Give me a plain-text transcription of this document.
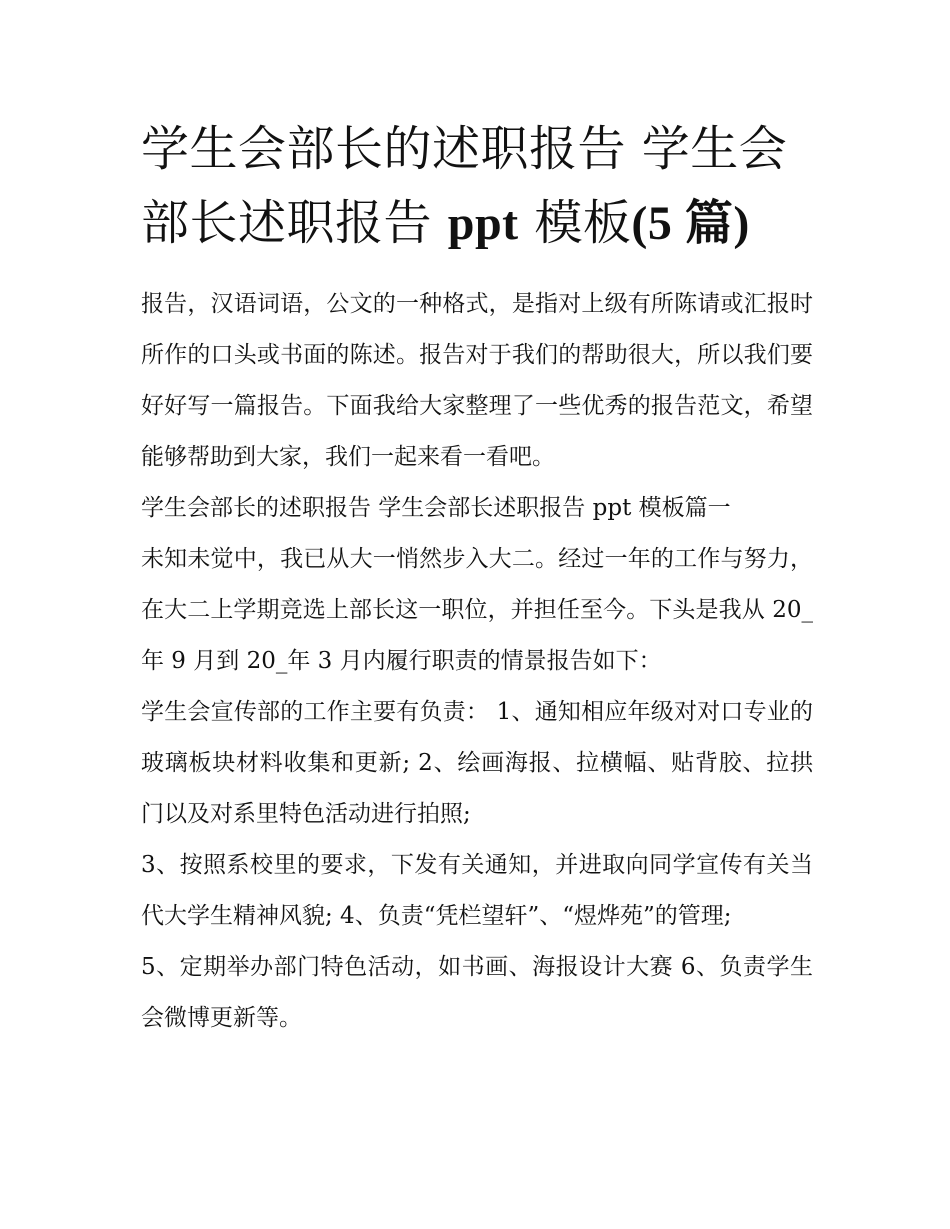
学生会部长的述职报告 学生会部长述职报告 ppt 模板(5 篇)

报告，汉语词语，公文的一种格式，是指对上级有所陈请或汇报时所作的口头或书面的陈述。报告对于我们的帮助很大，所以我们要好好写一篇报告。下面我给大家整理了一些优秀的报告范文，希望能够帮助到大家，我们一起来看一看吧。

学生会部长的述职报告 学生会部长述职报告 ppt 模板篇一

未知未觉中，我已从大一悄然步入大二。经过一年的工作与努力，在大二上学期竞选上部长这一职位，并担任至今。下头是我从 20_年 9 月到 20_年 3 月内履行职责的情景报告如下：

学生会宣传部的工作主要有负责： 1、通知相应年级对对口专业的玻璃板块材料收集和更新; 2、绘画海报、拉横幅、贴背胶、拉拱门以及对系里特色活动进行拍照;

3、按照系校里的要求，下发有关通知，并进取向同学宣传有关当代大学生精神风貌; 4、负责“凭栏望轩”、“煜烨苑”的管理;

5、定期举办部门特色活动，如书画、海报设计大赛 6、负责学生会微博更新等。
